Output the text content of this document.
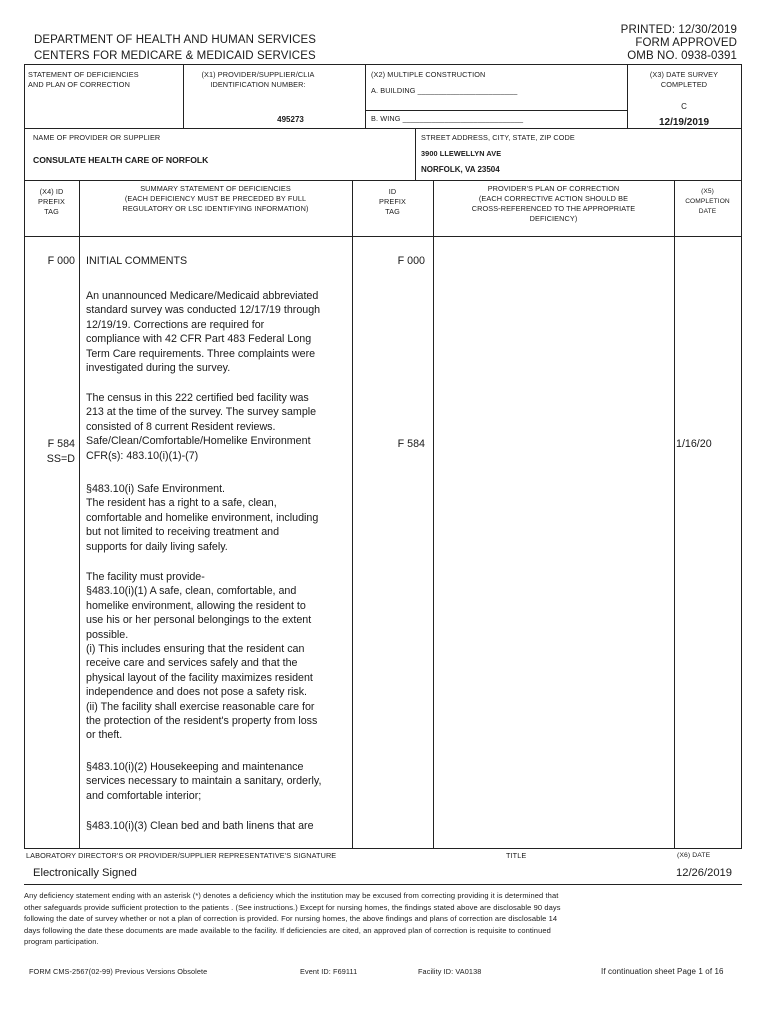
DEPARTMENT OF HEALTH AND HUMAN SERVICES
CENTERS FOR MEDICARE & MEDICAID SERVICES
PRINTED: 12/30/2019
FORM APPROVED
OMB NO. 0938-0391
STATEMENT OF DEFICIENCIES
AND PLAN OF CORRECTION
(X1) PROVIDER/SUPPLIER/CLIA
IDENTIFICATION NUMBER:
495273
(X2) MULTIPLE CONSTRUCTION
A. BUILDING ________________________
B. WING _____________________________
(X3) DATE SURVEY
COMPLETED
C
12/19/2019
NAME OF PROVIDER OR SUPPLIER
CONSULATE HEALTH CARE OF NORFOLK
STREET ADDRESS, CITY, STATE, ZIP CODE
3900 LLEWELLYN AVE
NORFOLK, VA 23504
(X4) ID
PREFIX
TAG
SUMMARY STATEMENT OF DEFICIENCIES
(EACH DEFICIENCY MUST BE PRECEDED BY FULL
REGULATORY OR LSC IDENTIFYING INFORMATION)
ID
PREFIX
TAG
PROVIDER'S PLAN OF CORRECTION
(EACH CORRECTIVE ACTION SHOULD BE
CROSS-REFERENCED TO THE APPROPRIATE
DEFICIENCY)
(X5)
COMPLETION
DATE
F 000 INITIAL COMMENTS	F 000
An unannounced Medicare/Medicaid abbreviated
standard survey was conducted 12/17/19 through
12/19/19. Corrections are required for
compliance with 42 CFR Part 483 Federal Long
Term Care requirements. Three complaints were
investigated during the survey.
The census in this 222 certified bed facility was
213 at the time of the survey. The survey sample
consisted of 8 current Resident reviews.
Safe/Clean/Comfortable/Homelike Environment
CFR(s): 483.10(i)(1)-(7)
F 584
SS=D
F 584	1/16/20
§483.10(i) Safe Environment.
The resident has a right to a safe, clean,
comfortable and homelike environment, including
but not limited to receiving treatment and
supports for daily living safely.
The facility must provide-
§483.10(i)(1) A safe, clean, comfortable, and
homelike environment, allowing the resident to
use his or her personal belongings to the extent
possible.
(i) This includes ensuring that the resident can
receive care and services safely and that the
physical layout of the facility maximizes resident
independence and does not pose a safety risk.
(ii) The facility shall exercise reasonable care for
the protection of the resident's property from loss
or theft.
§483.10(i)(2) Housekeeping and maintenance
services necessary to maintain a sanitary, orderly,
and comfortable interior;
§483.10(i)(3) Clean bed and bath linens that are
LABORATORY DIRECTOR'S OR PROVIDER/SUPPLIER REPRESENTATIVE'S SIGNATURE	TITLE	(X6) DATE
Electronically Signed	12/26/2019
Any deficiency statement ending with an asterisk (*) denotes a deficiency which the institution may be excused from correcting providing it is determined that
other safeguards provide sufficient protection to the patients . (See instructions.) Except for nursing homes, the findings stated above are disclosable 90 days
following the date of survey whether or not a plan of correction is provided. For nursing homes, the above findings and plans of correction are disclosable 14
days following the date these documents are made available to the facility. If deficiencies are cited, an approved plan of correction is requisite to continued
program participation.
FORM CMS-2567(02-99) Previous Versions Obsolete	Event ID: F69111	Facility ID: VA0138	If continuation sheet Page 1 of 16
